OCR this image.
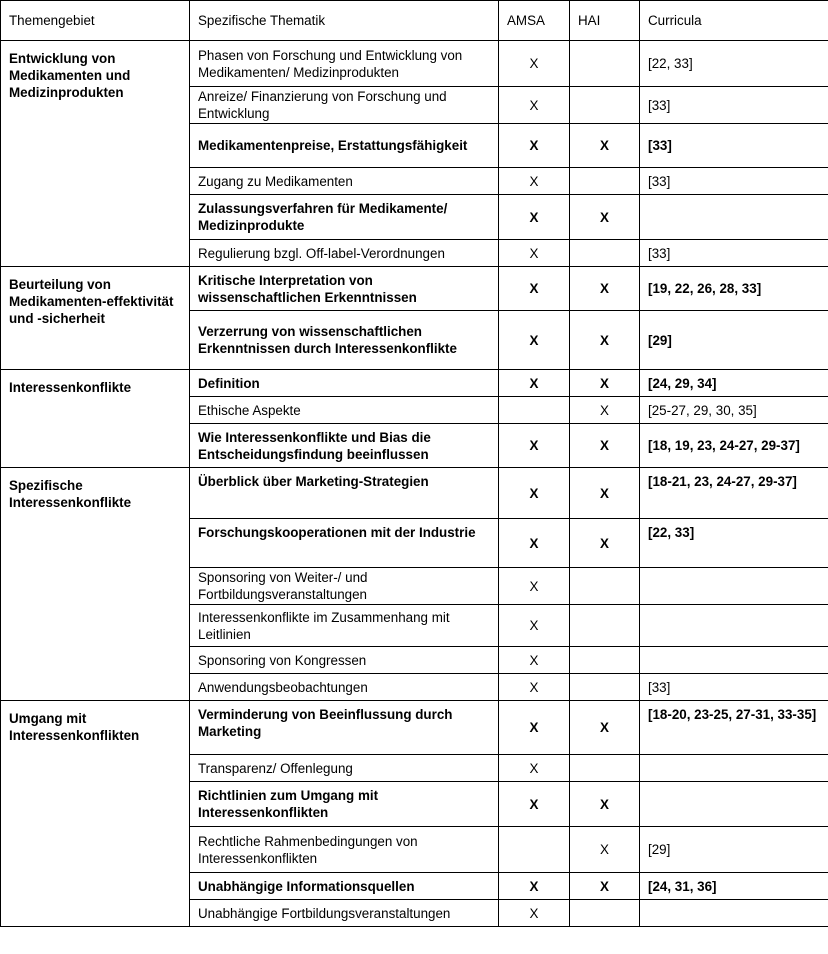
Themengebiet	Spezifische Thematik	AMSA	HAI	Curricula
Entwicklung von Medikamenten und Medizinprodukten	Phasen von Forschung und Entwicklung von Medikamenten/ Medizinprodukten	X		[22, 33]
	Anreize/ Finanzierung von Forschung und Entwicklung	X		[33]
	Medikamentenpreise, Erstattungsfähigkeit	X	X	[33]
	Zugang zu Medikamenten	X		[33]
	Zulassungsverfahren für Medikamente/ Medizinprodukte	X	X	
	Regulierung bzgl. Off-label-Verordnungen	X		[33]
Beurteilung von Medikamenten-effektivität und -sicherheit	Kritische Interpretation von wissenschaftlichen Erkenntnissen	X	X	[19, 22, 26, 28, 33]
	Verzerrung von wissenschaftlichen Erkenntnissen durch Interessenkonflikte	X	X	[29]
Interessenkonflikte	Definition	X	X	[24, 29, 34]
	Ethische Aspekte		X	[25-27, 29, 30, 35]
	Wie Interessenkonflikte und Bias die Entscheidungsfindung beeinflussen	X	X	[18, 19, 23, 24-27, 29-37]
Spezifische Interessenkonflikte	Überblick über Marketing-Strategien	X	X	[18-21, 23, 24-27, 29-37]
	Forschungskooperationen mit der Industrie	X	X	[22, 33]
	Sponsoring von Weiter-/ und Fortbildungsveranstaltungen	X		
	Interessenkonflikte im Zusammenhang mit Leitlinien	X		
	Sponsoring von Kongressen	X		
	Anwendungsbeobachtungen	X		[33]
Umgang mit Interessenkonflikten	Verminderung von Beeinflussung durch Marketing	X	X	[18-20, 23-25, 27-31, 33-35]
	Transparenz/ Offenlegung	X		
	Richtlinien zum Umgang mit Interessenkonflikten	X	X	
	Rechtliche Rahmenbedingungen von Interessenkonflikten		X	[29]
	Unabhängige Informationsquellen	X	X	[24, 31, 36]
	Unabhängige Fortbildungsveranstaltungen	X		
